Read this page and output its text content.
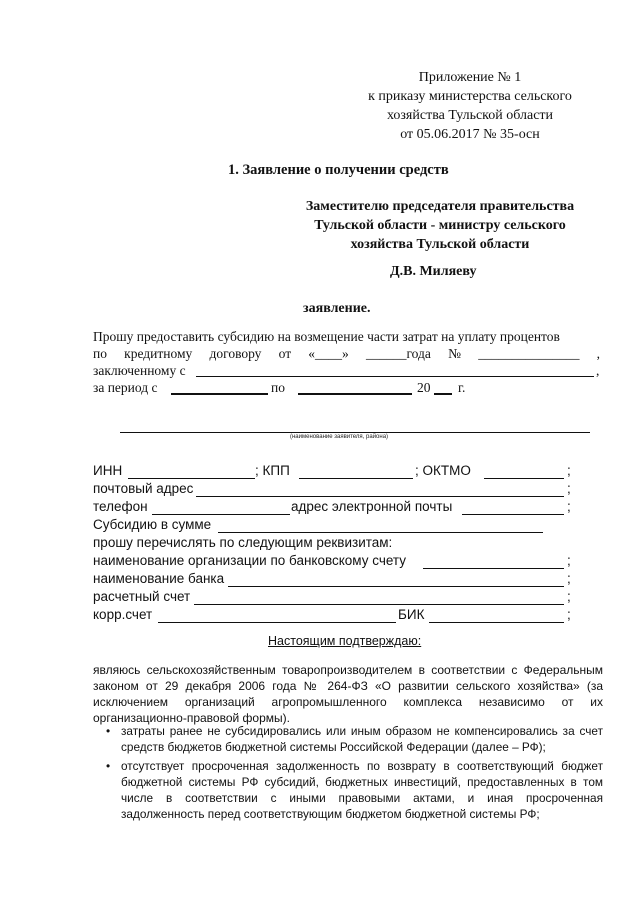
Приложение № 1
к приказу министерства сельского
хозяйства Тульской области
от 05.06.2017 № 35-осн
1. Заявление о получении средств
Заместителю председателя правительства
Тульской области - министру сельского
хозяйства Тульской области
Д.В. Миляеву
заявление.
Прошу предоставить субсидию на возмещение части затрат на уплату процентов
по кредитному договору от «____» ______года № _______________ ,
заключенному с	,
за период с	по	20 г.
(наименование заявителя, района)
ИНН	; КПП	; ОКТМО	;
почтовый адрес	;
телефон	адрес электронной почты	;
Субсидию в сумме
прошу перечислять по следующим реквизитам:
наименование организации по банковскому счету	;
наименование банка	;
расчетный счет	;
корр.счет	БИК	;
Настоящим подтверждаю:
являюсь сельскохозяйственным товаропроизводителем в соответствии с Федеральным законом от 29 декабря 2006 года № 264-ФЗ «О развитии сельского хозяйства» (за исключением организаций агропромышленного комплекса независимо от их организационно-правовой формы).
• затраты ранее не субсидировались или иным образом не компенсировались за счет средств бюджетов бюджетной системы Российской Федерации (далее – РФ);
• отсутствует просроченная задолженность по возврату в соответствующий бюджет бюджетной системы РФ субсидий, бюджетных инвестиций, предоставленных в том числе в соответствии с иными правовыми актами, и иная просроченная задолженность перед соответствующим бюджетом бюджетной системы РФ;
